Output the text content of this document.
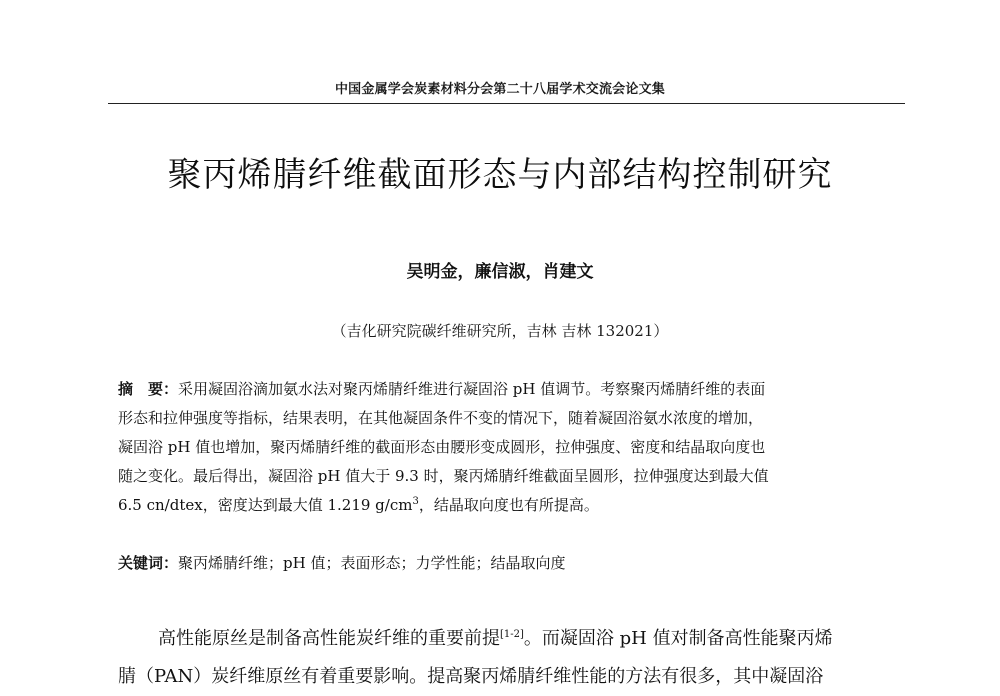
中国金属学会炭素材料分会第二十八届学术交流会论文集
聚丙烯腈纤维截面形态与内部结构控制研究
吴明金，廉信淑，肖建文
（吉化研究院碳纤维研究所，吉林 吉林 132021）
摘　要：采用凝固浴滴加氨水法对聚丙烯腈纤维进行凝固浴 pH 值调节。考察聚丙烯腈纤维的表面
形态和拉伸强度等指标，结果表明，在其他凝固条件不变的情况下，随着凝固浴氨水浓度的增加，
凝固浴 pH 值也增加，聚丙烯腈纤维的截面形态由腰形变成圆形，拉伸强度、密度和结晶取向度也
随之变化。最后得出，凝固浴 pH 值大于 9.3 时，聚丙烯腈纤维截面呈圆形，拉伸强度达到最大值
6.5 cn/dtex，密度达到最大值 1.219 $g/cm^3$，结晶取向度也有所提高。
关键词：聚丙烯腈纤维；pH 值；表面形态；力学性能；结晶取向度
高性能原丝是制备高性能炭纤维的重要前提[1-2]。而凝固浴 pH 值对制备高性能聚丙烯
腈（PAN）炭纤维原丝有着重要影响。提高聚丙烯腈纤维性能的方法有很多，其中凝固浴
